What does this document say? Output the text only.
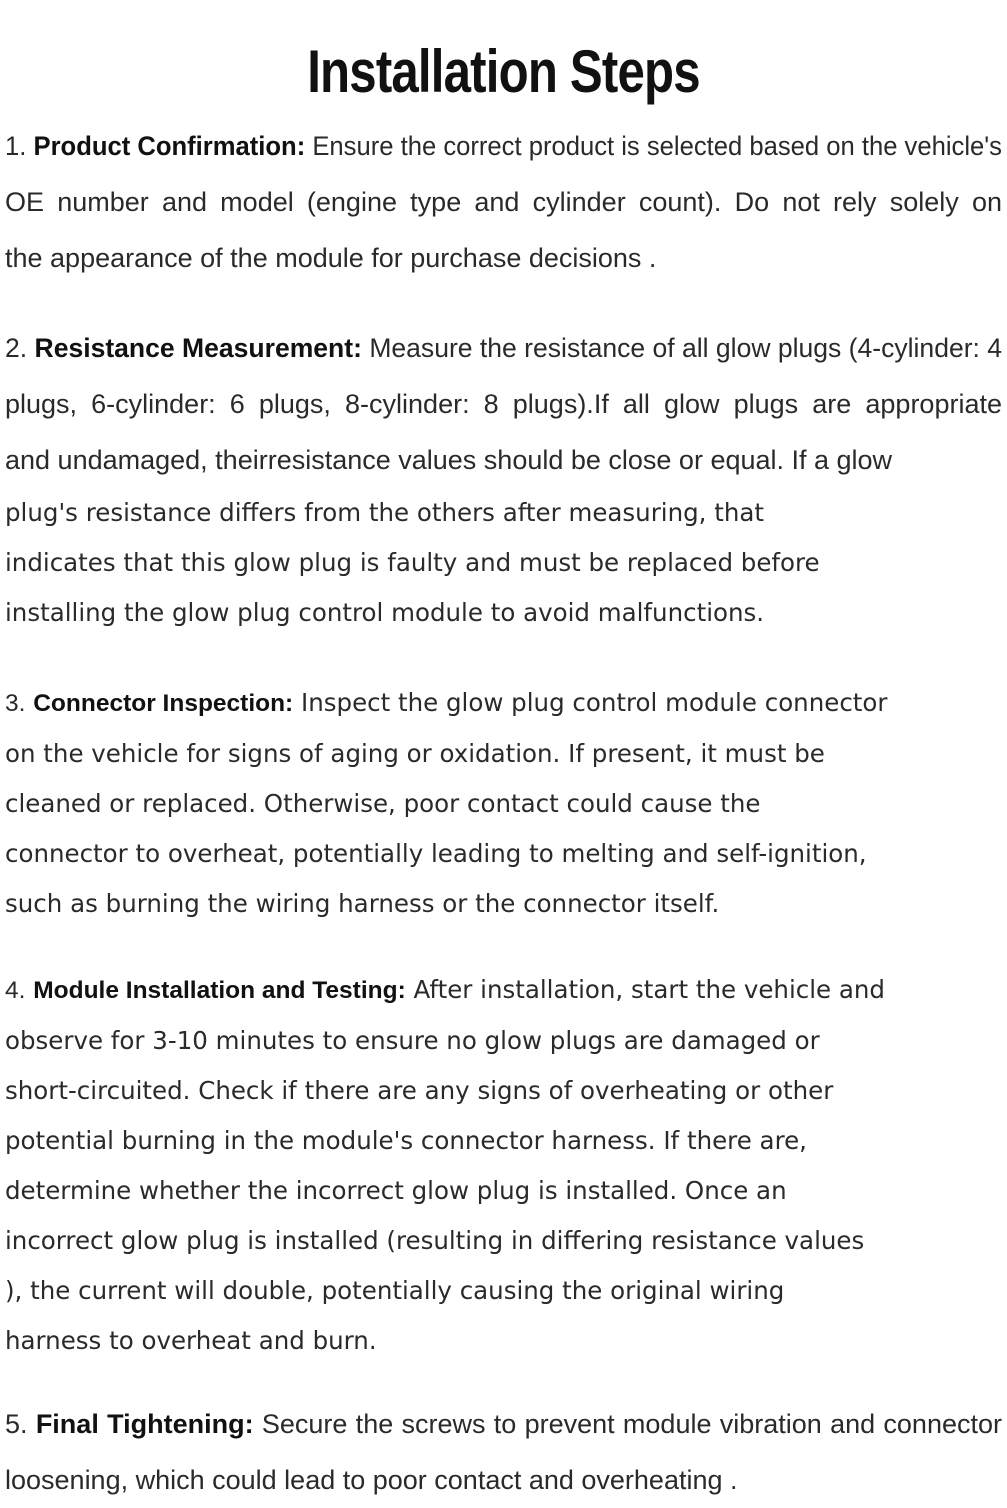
Installation Steps
1. Product Confirmation: Ensure the correct product is selected based on the vehicle's
OE number and model (engine type and cylinder count). Do not rely solely on
the appearance of the module for purchase decisions .
2. Resistance Measurement: Measure the resistance of all glow plugs (4-cylinder: 4
plugs, 6-cylinder: 6 plugs, 8-cylinder: 8 plugs).If all glow plugs are appropriate
and undamaged, theirresistance values should be close or equal. If a glow
plug's resistance differs from the others after measuring, that
indicates that this glow plug is faulty and must be replaced before
installing the glow plug control module to avoid malfunctions.
3. Connector Inspection: Inspect the glow plug control module connector
on the vehicle for signs of aging or oxidation. If present, it must be
cleaned or replaced. Otherwise, poor contact could cause the
connector to overheat, potentially leading to melting and self-ignition,
such as burning the wiring harness or the connector itself.
4. Module Installation and Testing: After installation, start the vehicle and
observe for 3-10 minutes to ensure no glow plugs are damaged or
short-circuited. Check if there are any signs of overheating or other
potential burning in the module's connector harness. If there are,
determine whether the incorrect glow plug is installed. Once an
incorrect glow plug is installed (resulting in differing resistance values
), the current will double, potentially causing the original wiring
harness to overheat and burn.
5. Final Tightening: Secure the screws to prevent module vibration and connector
loosening, which could lead to poor contact and overheating .
